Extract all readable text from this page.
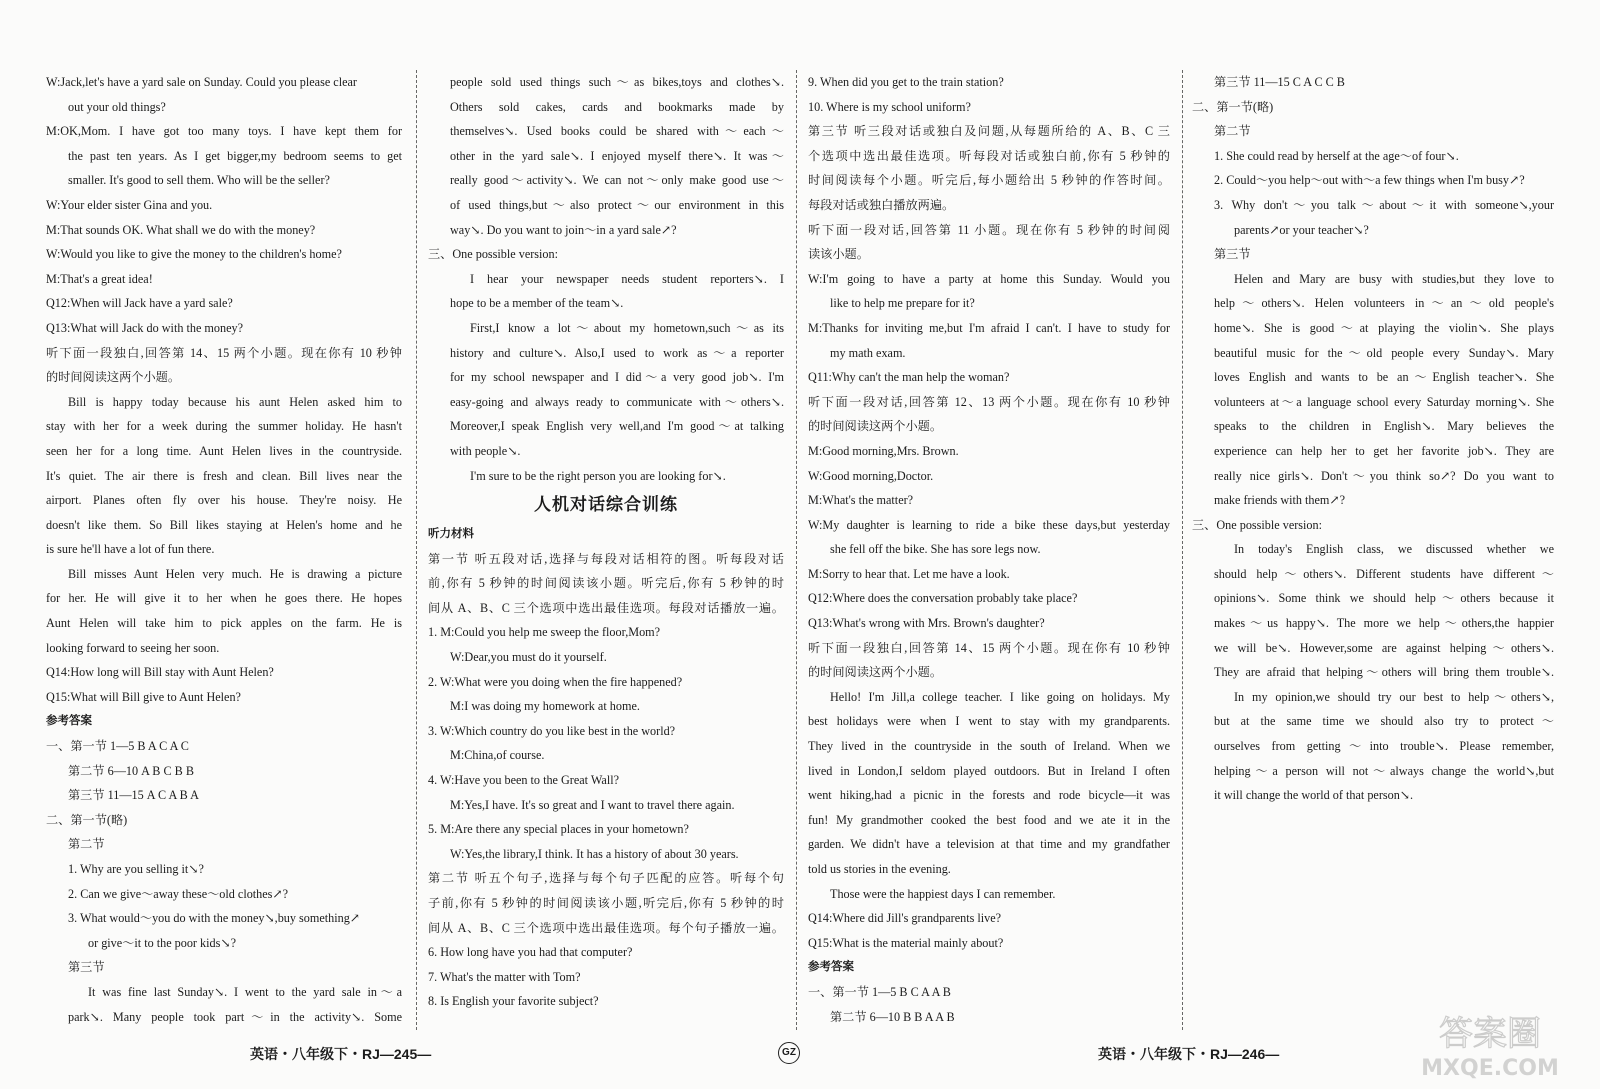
W:Jack,let's have a yard sale on Sunday. Could you please clear
out your old things?
M:OK,Mom. I have got too many toys. I have kept them for
the past ten years. As I get bigger,my bedroom seems to get
smaller. It's good to sell them. Who will be the seller?
W:Your elder sister Gina and you.
M:That sounds OK. What shall we do with the money?
W:Would you like to give the money to the children's home?
M:That's a great idea!
Q12:When will Jack have a yard sale?
Q13:What will Jack do with the money?
听下面一段独白,回答第 14、15 两个小题。现在你有 10 秒钟
的时间阅读这两个小题。
Bill is happy today because his aunt Helen asked him to
stay with her for a week during the summer holiday. He hasn't
seen her for a long time. Aunt Helen lives in the countryside.
It's quiet. The air there is fresh and clean. Bill lives near the
airport. Planes often fly over his house. They're noisy. He
doesn't like them. So Bill likes staying at Helen's home and he
is sure he'll have a lot of fun there.
Bill misses Aunt Helen very much. He is drawing a picture
for her. He will give it to her when he goes there. He hopes
Aunt Helen will take him to pick apples on the farm. He is
looking forward to seeing her soon.
Q14:How long will Bill stay with Aunt Helen?
Q15:What will Bill give to Aunt Helen?
参考答案
一、第一节 1—5 B A C A C
第二节 6—10 A B C B B
第三节 11—15 A C A B A
二、第一节(略)
第二节
1. Why are you selling it↘?
2. Can we give～away these～old clothes↗?
3. What would～you do with the money↘,buy something↗
or give～it to the poor kids↘?
第三节
It was fine last Sunday↘. I went to the yard sale in～a
park↘. Many people took part～in the activity↘. Some
people sold used things such～as bikes,toys and clothes↘.
Others sold cakes, cards and bookmarks made by
themselves↘. Used books could be shared with～each～
other in the yard sale↘. I enjoyed myself there↘. It was～
really good～activity↘. We can not～only make good use～
of used things,but～also protect～our environment in this
way↘. Do you want to join～in a yard sale↗?
三、One possible version:
I hear your newspaper needs student reporters↘. I
hope to be a member of the team↘.
First,I know a lot～about my hometown,such～as its
history and culture↘. Also,I used to work as～a reporter
for my school newspaper and I did～a very good job↘. I'm
easy-going and always ready to communicate with～others↘.
Moreover,I speak English very well,and I'm good～at talking
with people↘.
I'm sure to be the right person you are looking for↘.
人机对话综合训练
听力材料
第一节 听五段对话,选择与每段对话相符的图。听每段对话
前,你有 5 秒钟的时间阅读该小题。听完后,你有 5 秒钟的时
间从 A、B、C 三个选项中选出最佳选项。每段对话播放一遍。
1. M:Could you help me sweep the floor,Mom?
W:Dear,you must do it yourself.
2. W:What were you doing when the fire happened?
M:I was doing my homework at home.
3. W:Which country do you like best in the world?
M:China,of course.
4. W:Have you been to the Great Wall?
M:Yes,I have. It's so great and I want to travel there again.
5. M:Are there any special places in your hometown?
W:Yes,the library,I think. It has a history of about 30 years.
第二节 听五个句子,选择与每个句子匹配的应答。听每个句
子前,你有 5 秒钟的时间阅读该小题,听完后,你有 5 秒钟的时
间从 A、B、C 三个选项中选出最佳选项。每个句子播放一遍。
6. How long have you had that computer?
7. What's the matter with Tom?
8. Is English your favorite subject?
9. When did you get to the train station?
10. Where is my school uniform?
第三节 听三段对话或独白及问题,从每题所给的 A、B、C 三
个选项中选出最佳选项。听每段对话或独白前,你有 5 秒钟的
时间阅读每个小题。听完后,每小题给出 5 秒钟的作答时间。
每段对话或独白播放两遍。
听下面一段对话,回答第 11 小题。现在你有 5 秒钟的时间阅
读该小题。
W:I'm going to have a party at home this Sunday. Would you
like to help me prepare for it?
M:Thanks for inviting me,but I'm afraid I can't. I have to study for
my math exam.
Q11:Why can't the man help the woman?
听下面一段对话,回答第 12、13 两个小题。现在你有 10 秒钟
的时间阅读这两个小题。
M:Good morning,Mrs. Brown.
W:Good morning,Doctor.
M:What's the matter?
W:My daughter is learning to ride a bike these days,but yesterday
she fell off the bike. She has sore legs now.
M:Sorry to hear that. Let me have a look.
Q12:Where does the conversation probably take place?
Q13:What's wrong with Mrs. Brown's daughter?
听下面一段独白,回答第 14、15 两个小题。现在你有 10 秒钟
的时间阅读这两个小题。
Hello! I'm Jill,a college teacher. I like going on holidays. My
best holidays were when I went to stay with my grandparents.
They lived in the countryside in the south of Ireland. When we
lived in London,I seldom played outdoors. But in Ireland I often
went hiking,had a picnic in the forests and rode bicycle—it was
fun! My grandmother cooked the best food and we ate it in the
garden. We didn't have a television at that time and my grandfather
told us stories in the evening.
Those were the happiest days I can remember.
Q14:Where did Jill's grandparents live?
Q15:What is the material mainly about?
参考答案
一、第一节 1—5 B C A A B
第二节 6—10 B B A A B
第三节 11—15 C A C C B
二、第一节(略)
第二节
1. She could read by herself at the age～of four↘.
2. Could～you help～out with～a few things when I'm busy↗?
3. Why don't～you talk～about～it with someone↘,your
parents↗or your teacher↘?
第三节
Helen and Mary are busy with studies,but they love to
help～others↘. Helen volunteers in～an～old people's
home↘. She is good～at playing the violin↘. She plays
beautiful music for the～old people every Sunday↘. Mary
loves English and wants to be an～English teacher↘. She
volunteers at～a language school every Saturday morning↘. She
speaks to the children in English↘. Mary believes the
experience can help her to get her favorite job↘. They are
really nice girls↘. Don't～you think so↗? Do you want to
make friends with them↗?
三、One possible version:
In today's English class, we discussed whether we
should help～others↘. Different students have different～
opinions↘. Some think we should help～others because it
makes～us happy↘. The more we help～others,the happier
we will be↘. However,some are against helping～others↘.
They are afraid that helping～others will bring them trouble↘.
In my opinion,we should try our best to help～others↘,
but at the same time we should also try to protect～
ourselves from getting～into trouble↘. Please remember,
helping～a person will not～always change the world↘,but
it will change the world of that person↘.
英语・八年级下・RJ—245—	GZ	英语・八年级下・RJ—246—	答案圈
MXQE.COM
